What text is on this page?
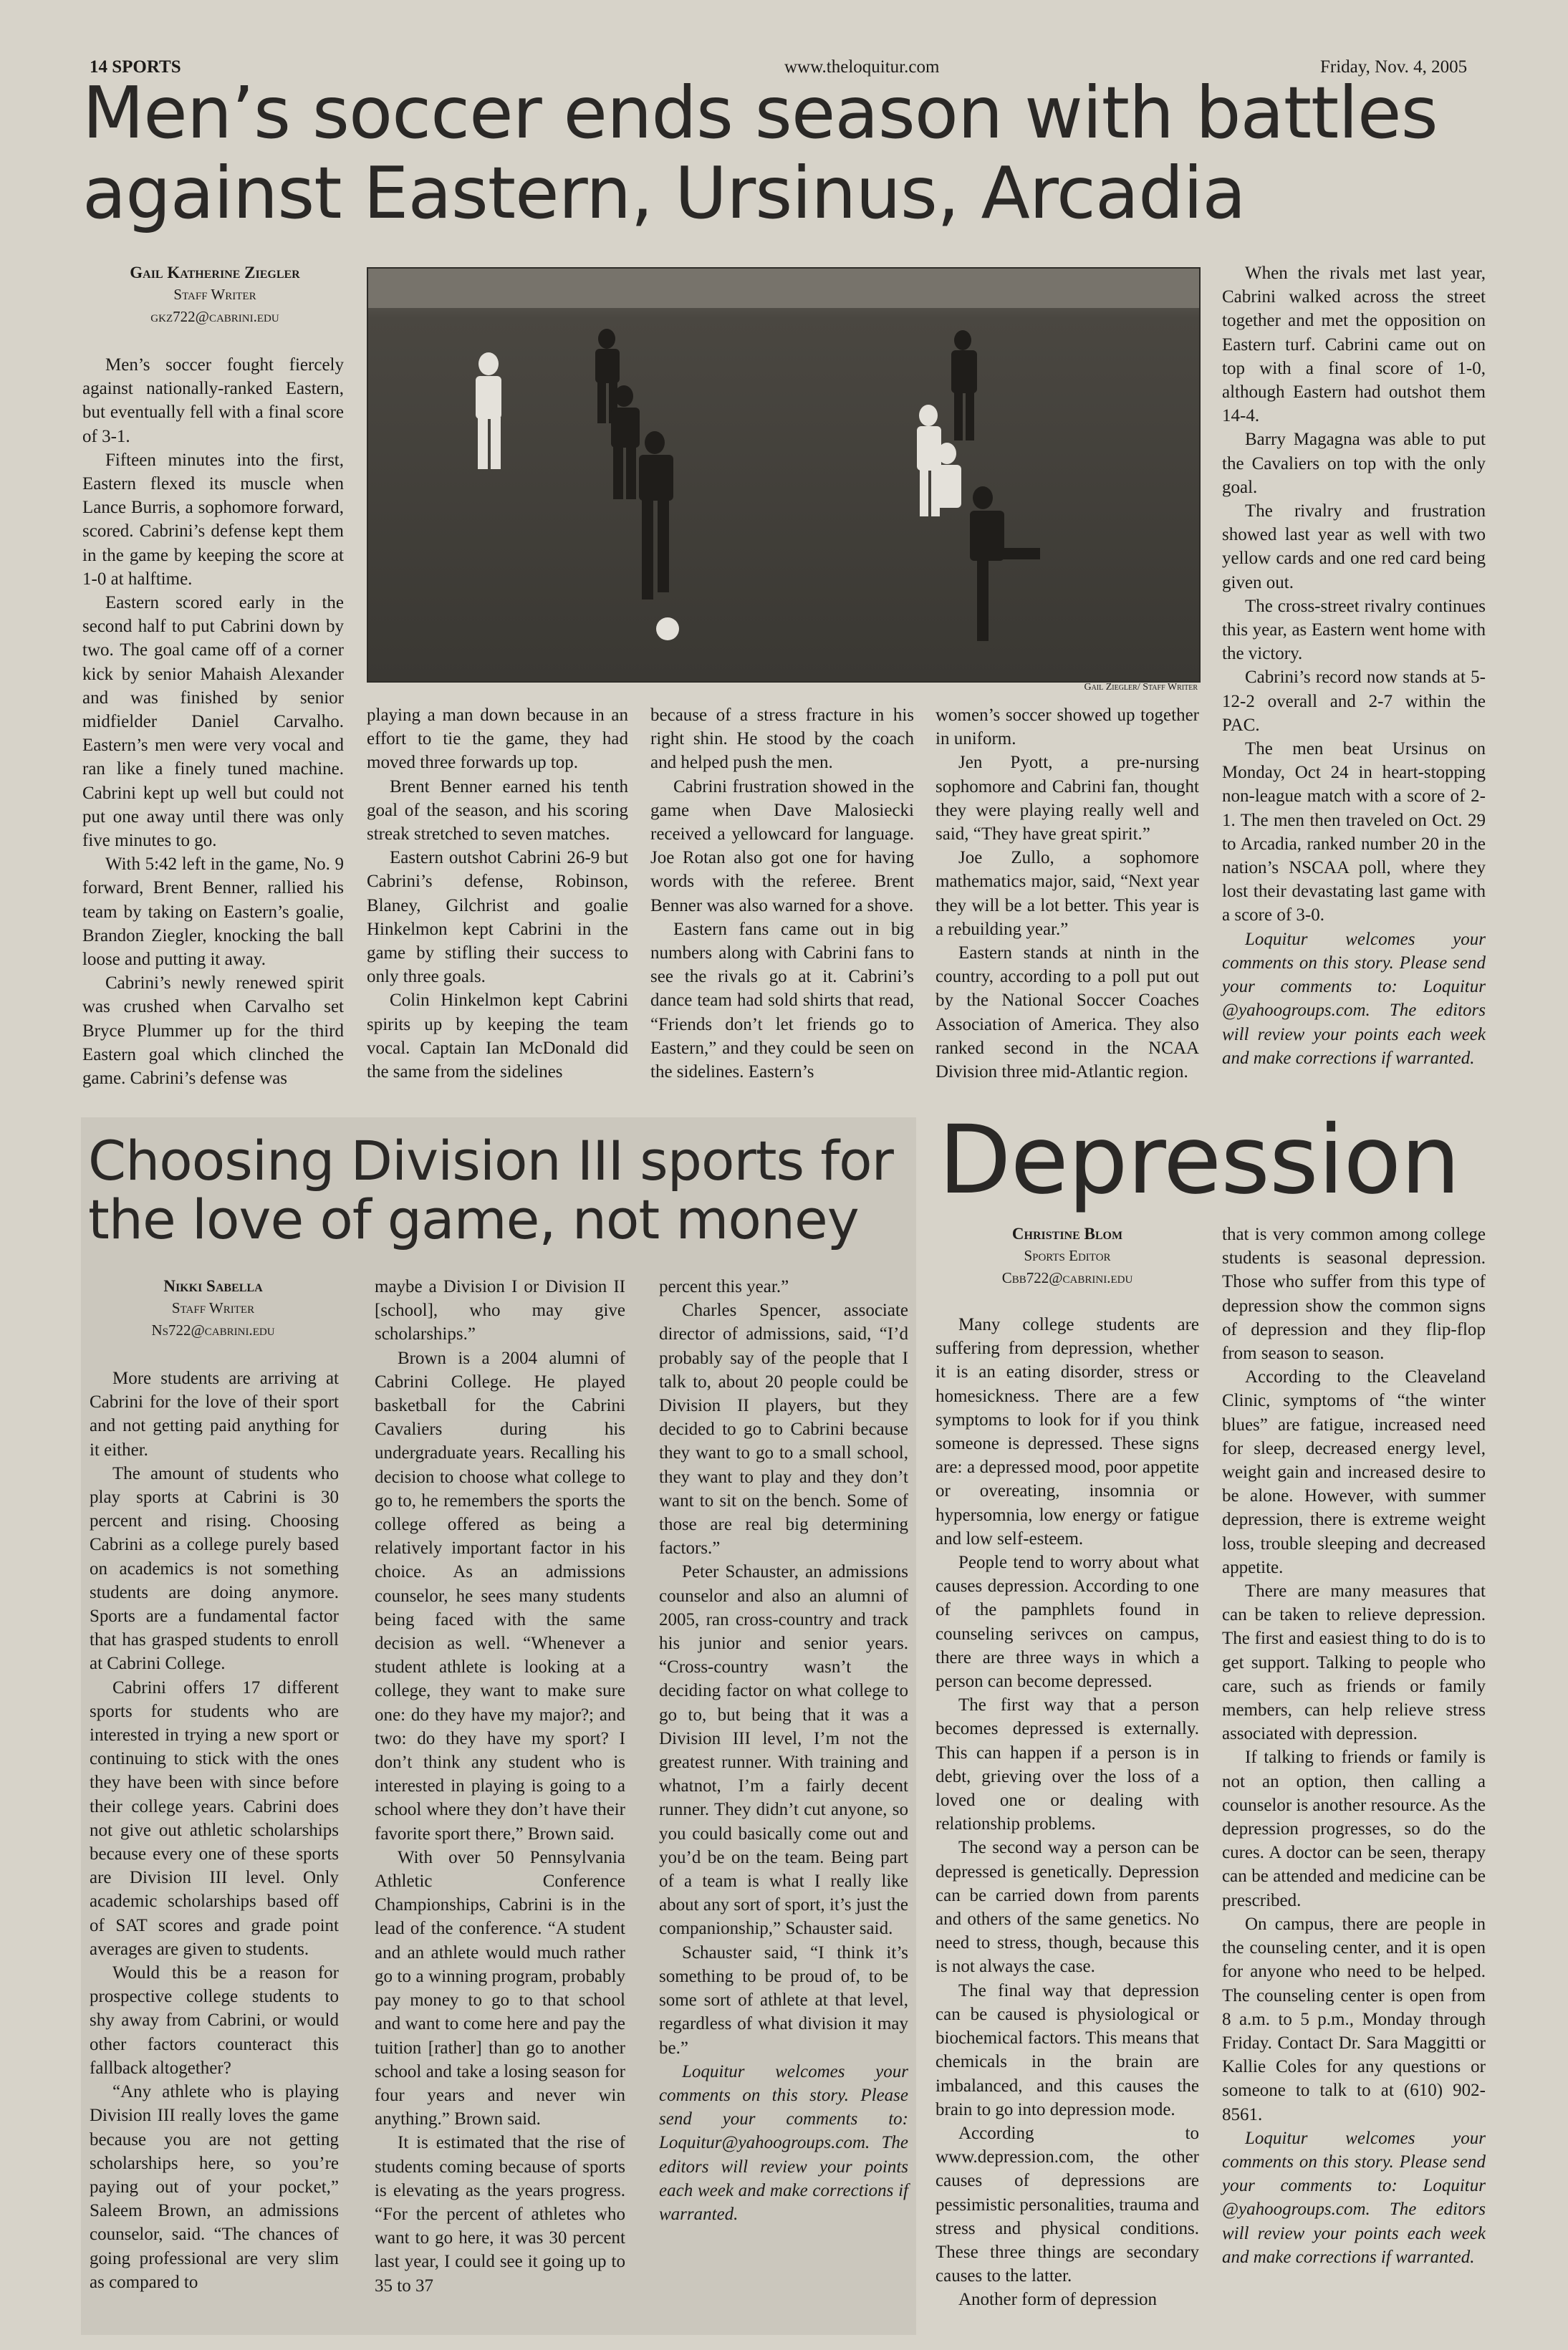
14 SPORTS	www.theloquitur.com	Friday, Nov. 4, 2005
Men’s soccer ends season with battles
against Eastern, Ursinus, Arcadia
Gail Katherine Ziegler
Staff Writer
gkz722@cabrini.edu
Gail Ziegler/ Staff Writer

Men’s soccer fought fiercely against nationally-ranked Eastern, but eventually fell with a final score of 3-1.

Fifteen minutes into the first, Eastern flexed its muscle when Lance Burris, a sophomore forward, scored. Cabrini’s defense kept them in the game by keeping the score at 1-0 at halftime.

Eastern scored early in the second half to put Cabrini down by two. The goal came off of a corner kick by senior Mahaish Alexander and was finished by senior midfielder Daniel Carvalho. Eastern’s men were very vocal and ran like a finely tuned machine. Cabrini kept up well but could not put one away until there was only five minutes to go.

With 5:42 left in the game, No. 9 forward, Brent Benner, rallied his team by taking on Eastern’s goalie, Brandon Ziegler, knocking the ball loose and putting it away.

Cabrini’s newly renewed spirit was crushed when Carvalho set Bryce Plummer up for the third Eastern goal which clinched the game. Cabrini’s defense was

playing a man down because in an effort to tie the game, they had moved three forwards up top.

Brent Benner earned his tenth goal of the season, and his scoring streak stretched to seven matches.

Eastern outshot Cabrini 26-9 but Cabrini’s defense, Robinson, Blaney, Gilchrist and goalie Hinkelmon kept Cabrini in the game by stifling their success to only three goals.

Colin Hinkelmon kept Cabrini spirits up by keeping the team vocal. Captain Ian McDonald did the same from the sidelines

because of a stress fracture in his right shin. He stood by the coach and helped push the men.

Cabrini frustration showed in the game when Dave Malosiecki received a yellowcard for language. Joe Rotan also got one for having words with the referee. Brent Benner was also warned for a shove.

Eastern fans came out in big numbers along with Cabrini fans to see the rivals go at it. Cabrini’s dance team had sold shirts that read, “Friends don’t let friends go to Eastern,” and they could be seen on the sidelines. Eastern’s

women’s soccer showed up together in uniform.

Jen Pyott, a pre-nursing sophomore and Cabrini fan, thought they were playing really well and said, “They have great spirit.”

Joe Zullo, a sophomore mathematics major, said, “Next year they will be a lot better. This year is a rebuilding year.”

Eastern stands at ninth in the country, according to a poll put out by the National Soccer Coaches Association of America. They also ranked second in the NCAA Division three mid-Atlantic region.

When the rivals met last year, Cabrini walked across the street together and met the opposition on Eastern turf. Cabrini came out on top with a final score of 1-0, although Eastern had outshot them 14-4.

Barry Magagna was able to put the Cavaliers on top with the only goal.

The rivalry and frustration showed last year as well with two yellow cards and one red card being given out.

The cross-street rivalry continues this year, as Eastern went home with the victory.

Cabrini’s record now stands at 5-12-2 overall and 2-7 within the PAC.

The men beat Ursinus on Monday, Oct 24 in heart-stopping non-league match with a score of 2-1. The men then traveled on Oct. 29 to Arcadia, ranked number 20 in the nation’s NSCAA poll, where they lost their devastating last game with a score of 3-0.

Loquitur welcomes your comments on this story. Please send your comments to: Loquitur @yahoogroups.com. The editors will review your points each week and make corrections if warranted.

Choosing Division III sports for
the love of game, not money
Nikki Sabella
Staff Writer
Ns722@cabrini.edu

More students are arriving at Cabrini for the love of their sport and not getting paid anything for it either.

The amount of students who play sports at Cabrini is 30 percent and rising. Choosing Cabrini as a college purely based on academics is not something students are doing anymore. Sports are a fundamental factor that has grasped students to enroll at Cabrini College.

Cabrini offers 17 different sports for students who are interested in trying a new sport or continuing to stick with the ones they have been with since before their college years. Cabrini does not give out athletic scholarships because every one of these sports are Division III level. Only academic scholarships based off of SAT scores and grade point averages are given to students.

Would this be a reason for prospective college students to shy away from Cabrini, or would other factors counteract this fallback altogether?

“Any athlete who is playing Division III really loves the game because you are not getting scholarships here, so you’re paying out of your pocket,” Saleem Brown, an admissions counselor, said. “The chances of going professional are very slim as compared to

maybe a Division I or Division II [school], who may give scholarships.”

Brown is a 2004 alumni of Cabrini College. He played basketball for the Cabrini Cavaliers during his undergraduate years. Recalling his decision to choose what college to go to, he remembers the sports the college offered as being a relatively important factor in his choice. As an admissions counselor, he sees many students being faced with the same decision as well. “Whenever a student athlete is looking at a college, they want to make sure one: do they have my major?; and two: do they have my sport? I don’t think any student who is interested in playing is going to a school where they don’t have their favorite sport there,” Brown said.

With over 50 Pennsylvania Athletic Conference Championships, Cabrini is in the lead of the conference. “A student and an athlete would much rather go to a winning program, probably pay money to go to that school and want to come here and pay the tuition [rather] than go to another school and take a losing season for four years and never win anything.” Brown said.

It is estimated that the rise of students coming because of sports is elevating as the years progress. “For the percent of athletes who want to go here, it was 30 percent last year, I could see it going up to 35 to 37

percent this year.”

Charles Spencer, associate director of admissions, said, “I’d probably say of the people that I talk to, about 20 people could be Division II players, but they decided to go to Cabrini because they want to go to a small school, they want to play and they don’t want to sit on the bench. Some of those are real big determining factors.”

Peter Schauster, an admissions counselor and also an alumni of 2005, ran cross-country and track his junior and senior years. “Cross-country wasn’t the deciding factor on what college to go to, but being that it was a Division III level, I’m not the greatest runner. With training and whatnot, I’m a fairly decent runner. They didn’t cut anyone, so you could basically come out and you’d be on the team. Being part of a team is what I really like about any sort of sport, it’s just the companionship,” Schauster said.

Schauster said, “I think it’s something to be proud of, to be some sort of athlete at that level, regardless of what division it may be.”

Loquitur welcomes your comments on this story. Please send your comments to: Loquitur@yahoogroups.com. The editors will review your points each week and make corrections if warranted.

Depression
Christine Blom
Sports Editor
Cbb722@cabrini.edu

Many college students are suffering from depression, whether it is an eating disorder, stress or homesickness. There are a few symptoms to look for if you think someone is depressed. These signs are: a depressed mood, poor appetite or overeating, insomnia or hypersomnia, low energy or fatigue and low self-esteem.

People tend to worry about what causes depression. According to one of the pamphlets found in counseling serivces on campus, there are three ways in which a person can become depressed.

The first way that a person becomes depressed is externally. This can happen if a person is in debt, grieving over the loss of a loved one or dealing with relationship problems.

The second way a person can be depressed is genetically. Depression can be carried down from parents and others of the same genetics. No need to stress, though, because this is not always the case.

The final way that depression can be caused is physiological or biochemical factors. This means that chemicals in the brain are imbalanced, and this causes the brain to go into depression mode.

According to www.depression.com, the other causes of depressions are pessimistic personalities, trauma and stress and physical conditions. These three things are secondary causes to the latter.

Another form of depression

that is very common among college students is seasonal depression. Those who suffer from this type of depression show the common signs of depression and they flip-flop from season to season.

According to the Cleaveland Clinic, symptoms of “the winter blues” are fatigue, increased need for sleep, decreased energy level, weight gain and increased desire to be alone. However, with summer depression, there is extreme weight loss, trouble sleeping and decreased appetite.

There are many measures that can be taken to relieve depression. The first and easiest thing to do is to get support. Talking to people who care, such as friends or family members, can help relieve stress associated with depression.

If talking to friends or family is not an option, then calling a counselor is another resource. As the depression progresses, so do the cures. A doctor can be seen, therapy can be attended and medicine can be prescribed.

On campus, there are people in the counseling center, and it is open for anyone who need to be helped. The counseling center is open from 8 a.m. to 5 p.m., Monday through Friday. Contact Dr. Sara Maggitti or Kallie Coles for any questions or someone to talk to at (610) 902-8561.

Loquitur welcomes your comments on this story. Please send your comments to: Loquitur @yahoogroups.com. The editors will review your points each week and make corrections if warranted.
